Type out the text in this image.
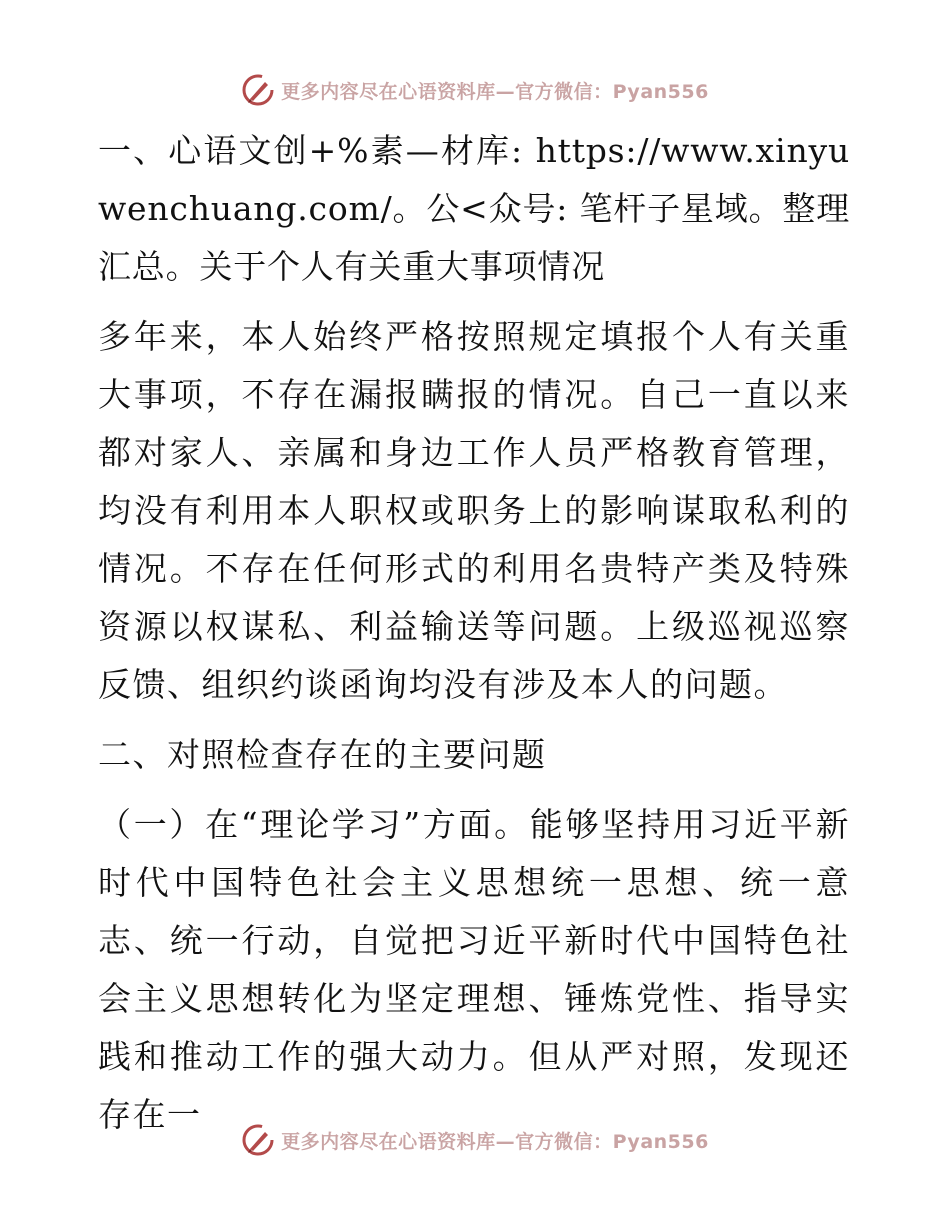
更多内容尽在心语资料库—官方微信：Pyan556

一、心语文创+%素—材库: https://www.xinyuwenchuang.com/。公<众号: 笔杆子星域。整理汇总。关于个人有关重大事项情况

多年来，本人始终严格按照规定填报个人有关重大事项，不存在漏报瞒报的情况。自己一直以来都对家人、亲属和身边工作人员严格教育管理，均没有利用本人职权或职务上的影响谋取私利的情况。不存在任何形式的利用名贵特产类及特殊资源以权谋私、利益输送等问题。上级巡视巡察反馈、组织约谈函询均没有涉及本人的问题。

二、对照检查存在的主要问题

（一）在“理论学习”方面。能够坚持用习近平新时代中国特色社会主义思想统一思想、统一意志、统一行动，自觉把习近平新时代中国特色社会主义思想转化为坚定理想、锤炼党性、指导实践和推动工作的强大动力。但从严对照，发现还存在一

更多内容尽在心语资料库—官方微信：Pyan556
